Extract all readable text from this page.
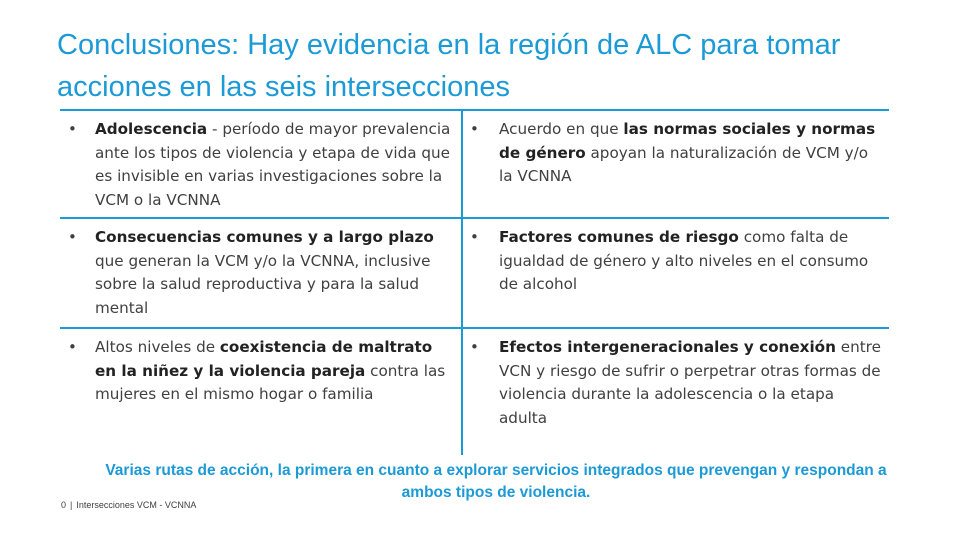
Conclusiones: Hay evidencia en la región de ALC para tomar acciones en las seis intersecciones
• Adolescencia - período de mayor prevalencia ante los tipos de violencia y etapa de vida que es invisible en varias investigaciones sobre la VCM o la VCNNA
• Acuerdo en que las normas sociales y normas de género apoyan la naturalización de VCM y/o la VCNNA
• Consecuencias comunes y a largo plazo que generan la VCM y/o la VCNNA, inclusive sobre la salud reproductiva y para la salud mental
• Factores comunes de riesgo como falta de igualdad de género y alto niveles en el consumo de alcohol
• Altos niveles de coexistencia de maltrato en la niñez y la violencia pareja contra las mujeres en el mismo hogar o familia
• Efectos intergeneracionales y conexión entre VCN y riesgo de sufrir o perpetrar otras formas de violencia durante la adolescencia o la etapa adulta
Varias rutas de acción, la primera en cuanto a explorar servicios integrados que prevengan y respondan a ambos tipos de violencia.
0 | Intersecciones VCM - VCNNA
